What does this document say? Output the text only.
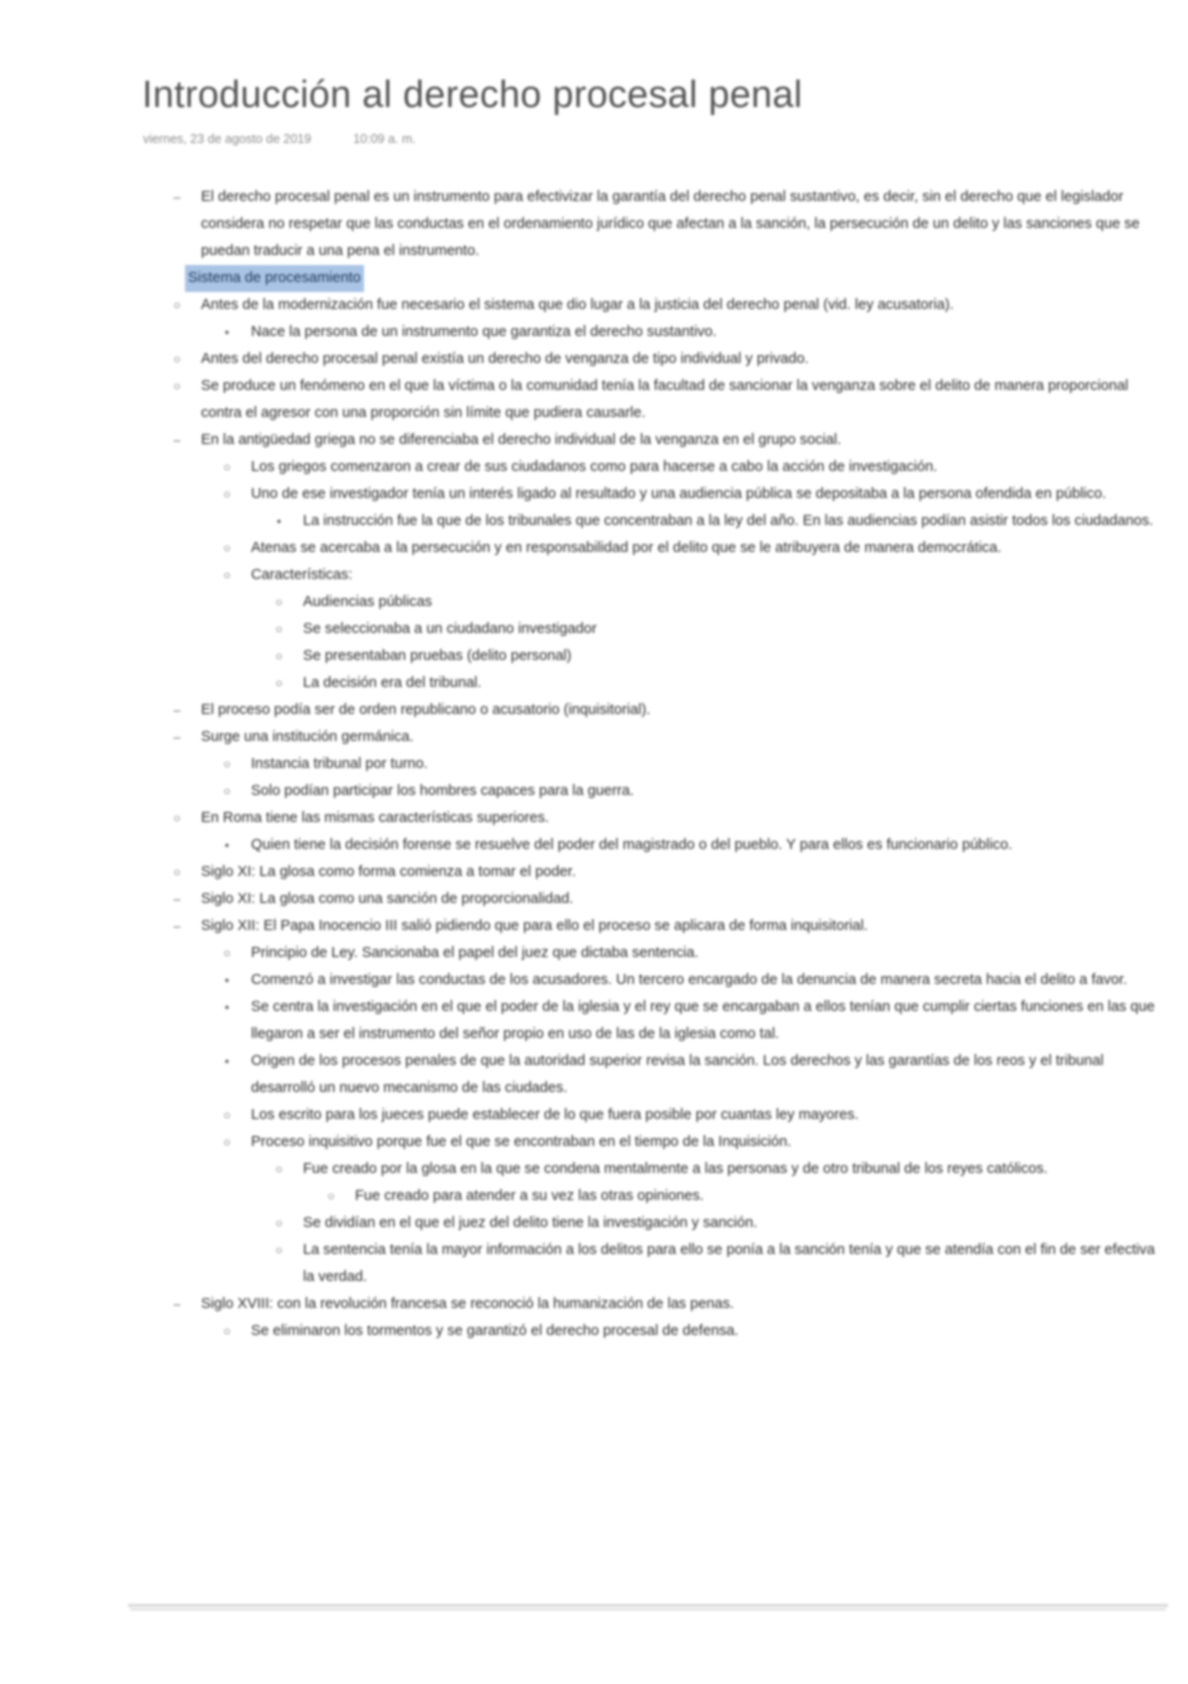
Introducción al derecho procesal penal
viernes, 23 de agosto de 2019	10:09 a. m.
– El derecho procesal penal es un instrumento para efectivizar la garantía del derecho penal sustantivo, es decir, sin el derecho que el legislador considera no respetar que las conductas en el ordenamiento jurídico que afectan a la sanción, la persecución de un delito y las sanciones que se puedan traducir a una pena el instrumento.
Sistema de procesamiento
○ Antes de la modernización fue necesario el sistema que dio lugar a la justicia del derecho penal (vid. ley acusatoria).
▪	Nace la persona de un instrumento que garantiza el derecho sustantivo.
○ Antes del derecho procesal penal existía un derecho de venganza de tipo individual y privado.
○ Se produce un fenómeno en el que la víctima o la comunidad tenía la facultad de sancionar la venganza sobre el delito de manera proporcional contra el agresor con una proporción sin límite que pudiera causarle.
– En la antigüedad griega no se diferenciaba el derecho individual de la venganza en el grupo social.
○ Los griegos comenzaron a crear de sus ciudadanos como para hacerse a cabo la acción de investigación.
○ Uno de ese investigador tenía un interés ligado al resultado y una audiencia pública se depositaba a la persona ofendida en público.
▪	La instrucción fue la que de los tribunales que concentraban a la ley del año. En las audiencias podían asistir todos los ciudadanos.
○ Atenas se acercaba a la persecución y en responsabilidad por el delito que se le atribuyera de manera democrática.
○ Características:
○ Audiencias públicas
○ Se seleccionaba a un ciudadano investigador
○ Se presentaban pruebas (delito personal)
○ La decisión era del tribunal.
– El proceso podía ser de orden republicano o acusatorio (inquisitorial).
– Surge una institución germánica.
○ Instancia tribunal por turno.
○ Solo podían participar los hombres capaces para la guerra.
○ En Roma tiene las mismas características superiores.
▪	Quien tiene la decisión forense se resuelve del poder del magistrado o del pueblo. Y para ellos es funcionario público.
○ Siglo XI: La glosa como forma comienza a tomar el poder.
– Siglo XI: La glosa como una sanción de proporcionalidad.
– Siglo XII: El Papa Inocencio III salió pidiendo que para ello el proceso se aplicara de forma inquisitorial.
○ Principio de Ley. Sancionaba el papel del juez que dictaba sentencia.
▪	Comenzó a investigar las conductas de los acusadores. Un tercero encargado de la denuncia de manera secreta hacia el delito a favor.
▪	Se centra la investigación en el que el poder de la iglesia y el rey que se encargaban a ellos tenían que cumplir ciertas funciones en las que llegaron a ser el instrumento del señor propio en uso de las de la iglesia como tal.
▪	Origen de los procesos penales de que la autoridad superior revisa la sanción. Los derechos y las garantías de los reos y el tribunal desarrolló un nuevo mecanismo de las ciudades.
○ Los escrito para los jueces puede establecer de lo que fuera posible por cuantas ley mayores.
○ Proceso inquisitivo porque fue el que se encontraban en el tiempo de la Inquisición.
○ Fue creado por la glosa en la que se condena mentalmente a las personas y de otro tribunal de los reyes católicos.
○ Fue creado para atender a su vez las otras opiniones.
○ Se dividían en el que el juez del delito tiene la investigación y sanción.
○ La sentencia tenía la mayor información a los delitos para ello se ponía a la sanción tenía y que se atendía con el fin de ser efectiva la verdad.
– Siglo XVIII: con la revolución francesa se reconoció la humanización de las penas.
○ Se eliminaron los tormentos y se garantizó el derecho procesal de defensa.
